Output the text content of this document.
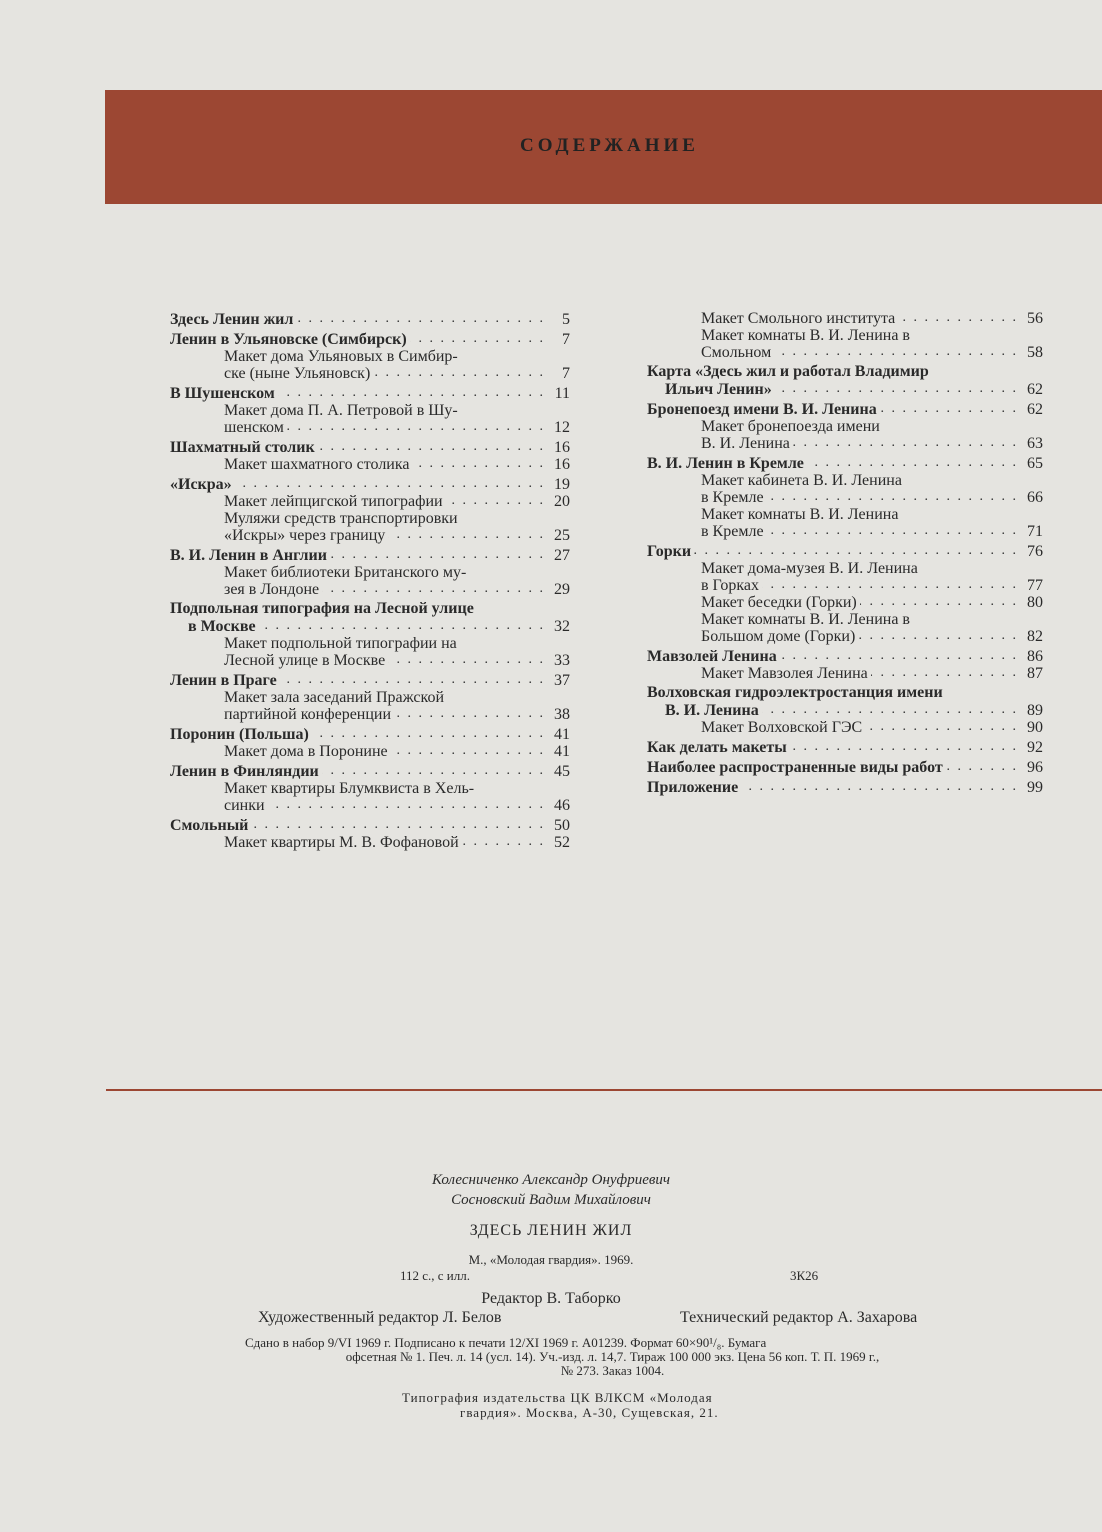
СОДЕРЖАНИЕ
Здесь Ленин жил . . .	5
Ленин в Ульяновске (Симбирск) . . .	7
Макет дома Ульяновых в Симбир-
ске (ныне Ульяновск) . . .	7
В Шушенском . . .	11
Макет дома П. А. Петровой в Шу-
шенском . . .	12
Шахматный столик . . .	16
Макет шахматного столика . . .	16
«Искра» . . .	19
Макет лейпцигской типографии . . .	20
Муляжи средств транспортировки
«Искры» через границу . . .	25
В. И. Ленин в Англии . . .	27
Макет библиотеки Британского му-
зея в Лондоне . . .	29
Подпольная типография на Лесной улице
в Москве . . .	32
Макет подпольной типографии на
Лесной улице в Москве . . .	33
Ленин в Праге . . .	37
Макет зала заседаний Пражской
партийной конференции . . .	38
Поронин (Польша) . . .	41
Макет дома в Поронине . . .	41
Ленин в Финляндии . . .	45
Макет квартиры Блумквиста в Хель-
синки . . .	46
Смольный . . .	50
Макет квартиры М. В. Фофановой . . .	52
Макет Смольного института . . .	56
Макет комнаты В. И. Ленина в
Смольном . . .	58
Карта «Здесь жил и работал Владимир
Ильич Ленин» . . .	62
Бронепоезд имени В. И. Ленина . . .	62
Макет бронепоезда имени
В. И. Ленина . . .	63
В. И. Ленин в Кремле . . .	65
Макет кабинета В. И. Ленина
в Кремле . . .	66
Макет комнаты В. И. Ленина
в Кремле . . .	71
Горки . . .	76
Макет дома-музея В. И. Ленина
в Горках . . .	77
Макет беседки (Горки) . . .	80
Макет комнаты В. И. Ленина в
Большом доме (Горки) . . .	82
Мавзолей Ленина . . .	86
Макет Мавзолея Ленина . . .	87
Волховская гидроэлектростанция имени
В. И. Ленина . . .	89
Макет Волховской ГЭС . . .	90
Как делать макеты . . .	92
Наиболее распространенные виды работ . . .	96
Приложение . . .	99
Колесниченко Александр Онуфриевич
Сосновский Вадим Михайлович
ЗДЕСЬ ЛЕНИН ЖИЛ
М., «Молодая гвардия». 1969.
112 с., с илл.	3К26
Редактор В. Таборко
Художественный редактор Л. Белов	Технический редактор А. Захарова
Сдано в набор 9/VI 1969 г. Подписано к печати 12/XI 1969 г. А01239. Формат 60×90¹/₈. Бумага
офсетная № 1. Печ. л. 14 (усл. 14). Уч.-изд. л. 14,7. Тираж 100 000 экз. Цена 56 коп. Т. П. 1969 г.,
№ 273. Заказ 1004.
Типография издательства ЦК ВЛКСМ «Молодая
гвардия». Москва, А-30, Сущевская, 21.
